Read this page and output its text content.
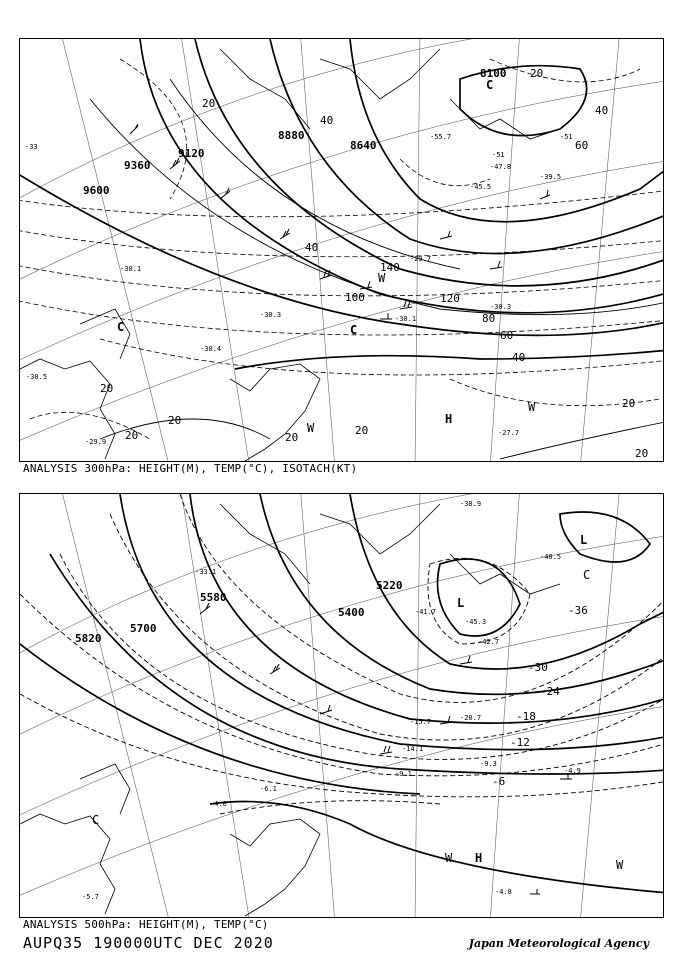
8100
8640
8880
9120
9360
9600
20
40
60
80
100	120
140
20
20	20
20
20
20
20
40
40
40
60
20
C	C
C
H
W
W
W
-55.7
-51
-47.8
-45.5
-39.5
-33
-29.7
-30.3
-30.1
-30.4
-27.7
-30.5
-29.9
-30.1
-30.3
-51
ANALYSIS 300hPa: HEIGHT(M), TEMP(°C), ISOTACH(KT)
5220
5400
5580
5700
5820
-36
-30
-24
-18
-12
-6
L
L
C
C
H
W	W
-38.9
-40.5
-41.7
-45.3
-42.7
-33.1
-20.7
-15.7
-14.1
-9.1
-9.3
-4.9
-4.0
-6.1
-5.7
-4.8
ANALYSIS 500hPa: HEIGHT(M), TEMP(°C)
AUPQ35 190000UTC DEC 2020	Japan Meteorological Agency
